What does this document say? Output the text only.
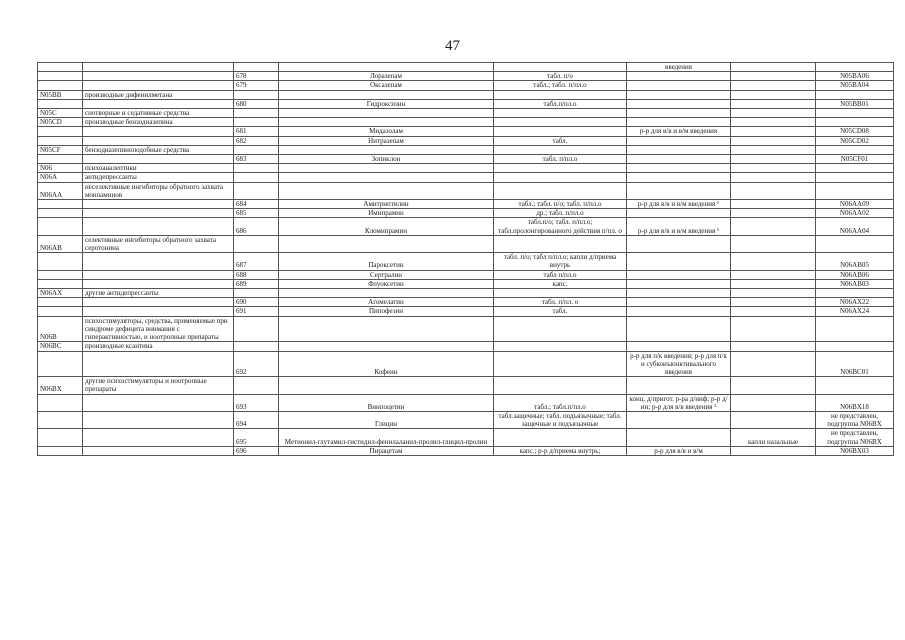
47
					введения		
		678	Лоразепам	табл. п/о			N05BA06
		679	Оксазепам	табл.; табл. п/пл.о			N05BA04
N05BB	производные дифенилметана						
		680	Гидроксизин	табл.п/пл.о			N05BB01
N05C	снотворные и седативные средства						
N05CD	производные бензодиазепина						
		681	Мидазолам		р-р для в/в и в/м введения		N05CD08
		682	Нитразепам	табл.			N05CD02
N05CF	бензодиазепиноподобные средства						
		683	Зопиклон	табл. п/пл.о			N05CF01
N06	психоаналептики						
N06A	антидепрессанты						
N06AA	неселективные ингибиторы обратного захвата моноаминов						
		684	Амитриптилин	табл.; табл. п/о; табл. п/пл.о	р-р для в/в и в/м введения ¹		N06AA09
		685	Имипрамин	др.; табл. п/пл.о			N06AA02
		686	Кломипрамин	табл.п/о; табл. п/пл.о; табл.пролонгированного действия п/пл. о	р-р для в/в и в/м введения ¹		N06AA04
N06AB	селективные ингибиторы обратного захвата серотонина						
		687	Пароксетин	табл. п/о; табл п/пл.о; капли д/приема внутрь			N06AB05
		688	Сертралин	табл п/пл.о			N06AB06
		689	Флуоксетин	капс.			N06AB03
N06AX	другие антидепрессанты						
		690	Агомелатин	табл. п/пл. о			N06AX22
		691	Пипофезин	табл.			N06AX24
N06B	психостимуляторы, средства, применяемые при синдроме дефицита внимания с гиперактивностью, и ноотропные препараты						
N06BC	производные ксантина						
		692	Кофеин		р-р для п/к введения; р-р для п/к и субконъюнктивального введения		N06BC01
N06BX	другие психостимуляторы и ноотропные препараты						
		693	Винпоцетин	табл.; табл.п/пл.о	конц. д/пригот. р-ра д/инф; р-р д/ин; р-р для в/в введения ¹		N06BX18
		694	Глицин	табл.защечные; табл. подъязычные; табл. защечные и подъязычные			не представлен, подгруппа N06BX
		695	Метионил-глутамил-гистидил-фенилаланил-пролил-глицил-пролин			капли назальные	не представлен, подгруппа N06BX
		696	Пирацетам	капс.; р-р д/приема внутрь;	р-р для в/в и в/м		N06BX03
